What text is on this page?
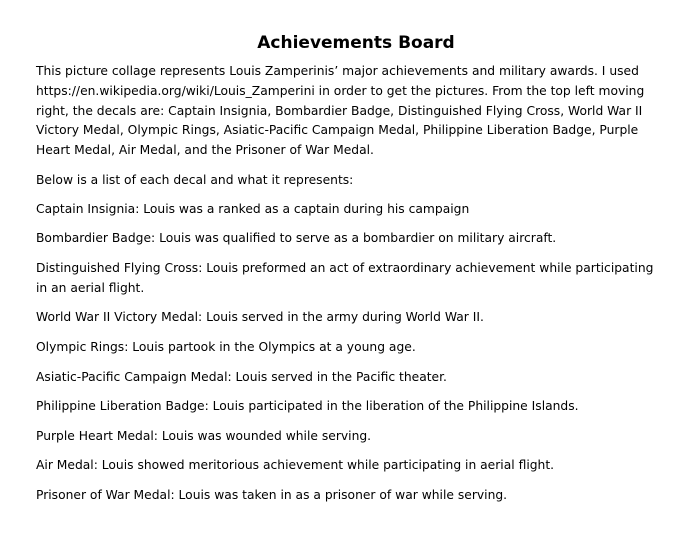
Achievements Board

This picture collage represents Louis Zamperinis’ major achievements and military awards. I used https://en.wikipedia.org/wiki/Louis_Zamperini in order to get the pictures. From the top left moving right, the decals are: Captain Insignia, Bombardier Badge, Distinguished Flying Cross, World War II Victory Medal, Olympic Rings, Asiatic-Pacific Campaign Medal, Philippine Liberation Badge, Purple Heart Medal, Air Medal, and the Prisoner of War Medal.

Below is a list of each decal and what it represents:

Captain Insignia: Louis was a ranked as a captain during his campaign
Bombardier Badge: Louis was qualified to serve as a bombardier on military aircraft.
Distinguished Flying Cross: Louis preformed an act of extraordinary achievement while participating in an aerial flight.
World War II Victory Medal: Louis served in the army during World War II.
Olympic Rings: Louis partook in the Olympics at a young age.
Asiatic-Pacific Campaign Medal: Louis served in the Pacific theater.
Philippine Liberation Badge: Louis participated in the liberation of the Philippine Islands.
Purple Heart Medal: Louis was wounded while serving.
Air Medal: Louis showed meritorious achievement while participating in aerial flight.
Prisoner of War Medal: Louis was taken in as a prisoner of war while serving.
